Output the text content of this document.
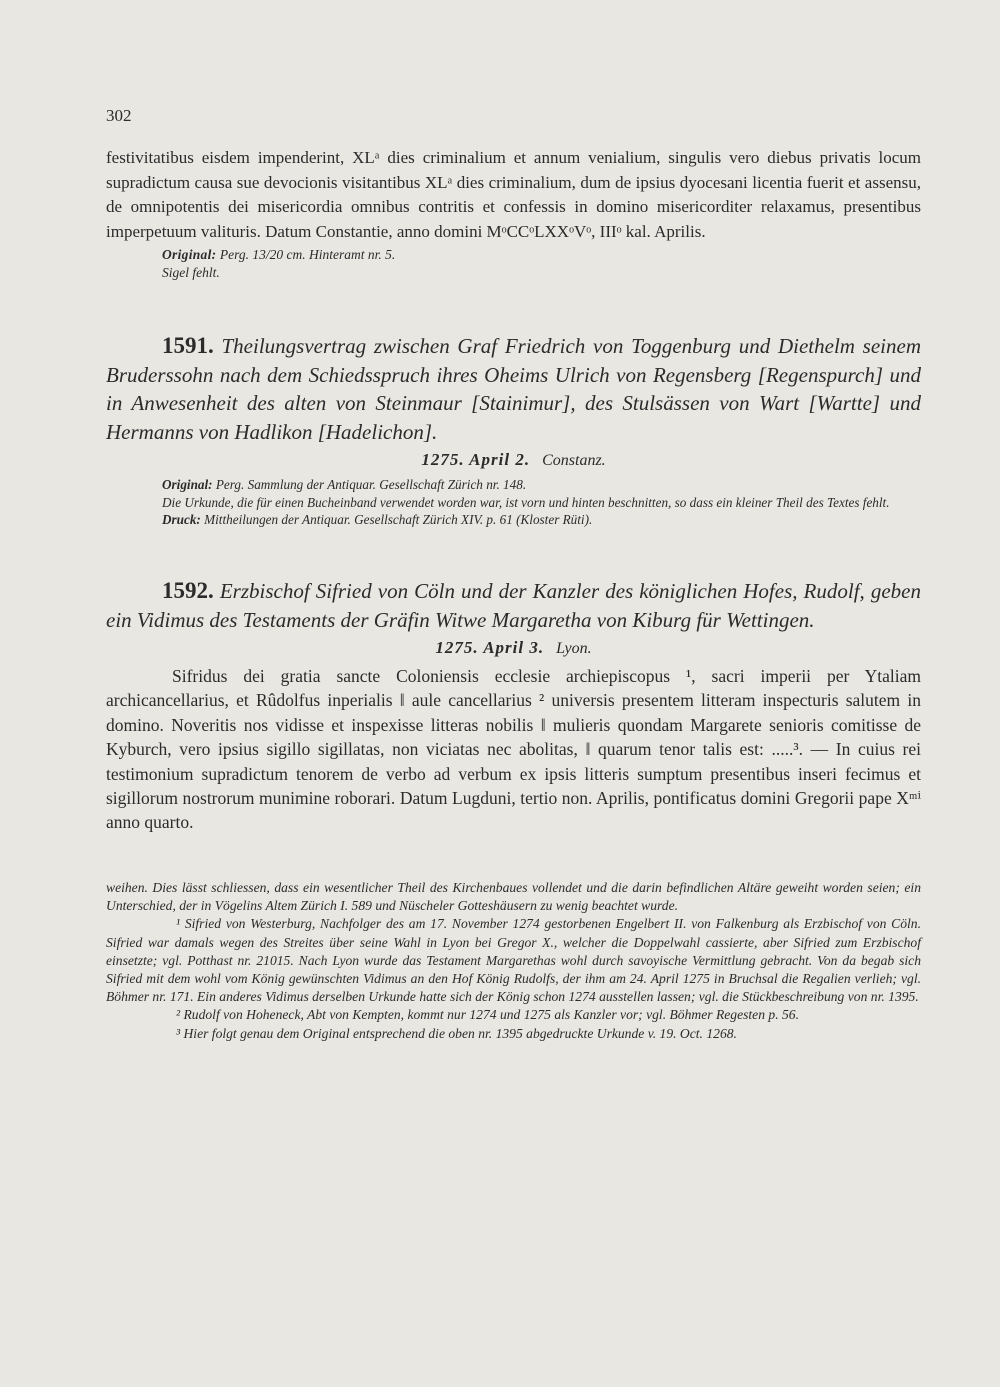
302

festivitatibus eisdem impenderint, XLᵃ dies criminalium et annum venialium, singulis vero diebus privatis locum supradictum causa sue devocionis visitantibus XLᵃ dies criminalium, dum de ipsius dyocesani licentia fuerit et assensu, de omnipotentis dei misericordia omnibus contritis et confessis in domino misericorditer relaxamus, presentibus imperpetuum valituris. Datum Constantie, anno domini MᵒCCᵒLXXᵒVᵒ, IIIᵒ kal. Aprilis.

Original: Perg. 13/20 cm. Hinteramt nr. 5.

Sigel fehlt.

1591. Theilungsvertrag zwischen Graf Friedrich von Toggenburg und Diethelm seinem Bruderssohn nach dem Schiedsspruch ihres Oheims Ulrich von Regensberg [Regenspurch] und in Anwesenheit des alten von Steinmaur [Stainimur], des Stulsässen von Wart [Wartte] und Hermanns von Hadlikon [Hadelichon].
1275. April 2. Constanz.

Original: Perg. Sammlung der Antiquar. Gesellschaft Zürich nr. 148.

Die Urkunde, die für einen Bucheinband verwendet worden war, ist vorn und hinten beschnitten, so dass ein kleiner Theil des Textes fehlt.

Druck: Mittheilungen der Antiquar. Gesellschaft Zürich XIV. p. 61 (Kloster Rüti).

1592. Erzbischof Sifried von Cöln und der Kanzler des königlichen Hofes, Rudolf, geben ein Vidimus des Testaments der Gräfin Witwe Margaretha von Kiburg für Wettingen.
1275. April 3. Lyon.

Sifridus dei gratia sancte Coloniensis ecclesie archiepiscopus ¹, sacri imperii per Ytaliam archicancellarius, et Rûdolfus inperialis ‖ aule cancellarius ² universis presentem litteram inspecturis salutem in domino. Noveritis nos vidisse et inspexisse litteras nobilis ‖ mulieris quondam Margarete senioris comitisse de Kyburch, vero ipsius sigillo sigillatas, non viciatas nec abolitas, ‖ quarum tenor talis est: .....³. — In cuius rei testimonium supradictum tenorem de verbo ad verbum ex ipsis litteris sumptum presentibus inseri fecimus et sigillorum nostrorum munimine roborari. Datum Lugduni, tertio non. Aprilis, pontificatus domini Gregorii pape Xᵐⁱ anno quarto.

weihen. Dies lässt schliessen, dass ein wesentlicher Theil des Kirchenbaues vollendet und die darin befindlichen Altäre geweiht worden seien; ein Unterschied, der in Vögelins Altem Zürich I. 589 und Nüscheler Gotteshäusern zu wenig beachtet wurde.

¹ Sifried von Westerburg, Nachfolger des am 17. November 1274 gestorbenen Engelbert II. von Falkenburg als Erzbischof von Cöln. Sifried war damals wegen des Streites über seine Wahl in Lyon bei Gregor X., welcher die Doppelwahl cassierte, aber Sifried zum Erzbischof einsetzte; vgl. Potthast nr. 21015. Nach Lyon wurde das Testament Margarethas wohl durch savoyische Vermittlung gebracht. Von da begab sich Sifried mit dem wohl vom König gewünschten Vidimus an den Hof König Rudolfs, der ihm am 24. April 1275 in Bruchsal die Regalien verlieh; vgl. Böhmer nr. 171. Ein anderes Vidimus derselben Urkunde hatte sich der König schon 1274 ausstellen lassen; vgl. die Stückbeschreibung von nr. 1395.

² Rudolf von Hoheneck, Abt von Kempten, kommt nur 1274 und 1275 als Kanzler vor; vgl. Böhmer Regesten p. 56.

³ Hier folgt genau dem Original entsprechend die oben nr. 1395 abgedruckte Urkunde v. 19. Oct. 1268.
